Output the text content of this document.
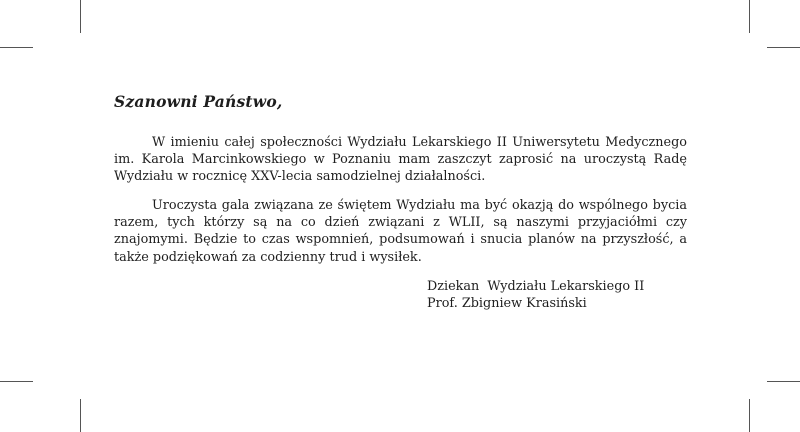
Szanowni Państwo,

W imieniu całej społeczności Wydziału Lekarskiego II Uniwersytetu Medycznego im. Karola Marcinkowskiego w Poznaniu mam zaszczyt zaprosić na uroczystą Radę Wydziału w rocznicę XXV-lecia samodzielnej działalności.

Uroczysta gala związana ze świętem Wydziału ma być okazją do wspólnego bycia razem, tych którzy są na co dzień związani z WLII, są naszymi przyjaciółmi czy znajomymi. Będzie to czas wspomnień, podsumowań i snucia planów na przyszłość, a także podziękowań za codzienny trud i wysiłek.

Dziekan  Wydziału Lekarskiego II
Prof. Zbigniew Krasiński
